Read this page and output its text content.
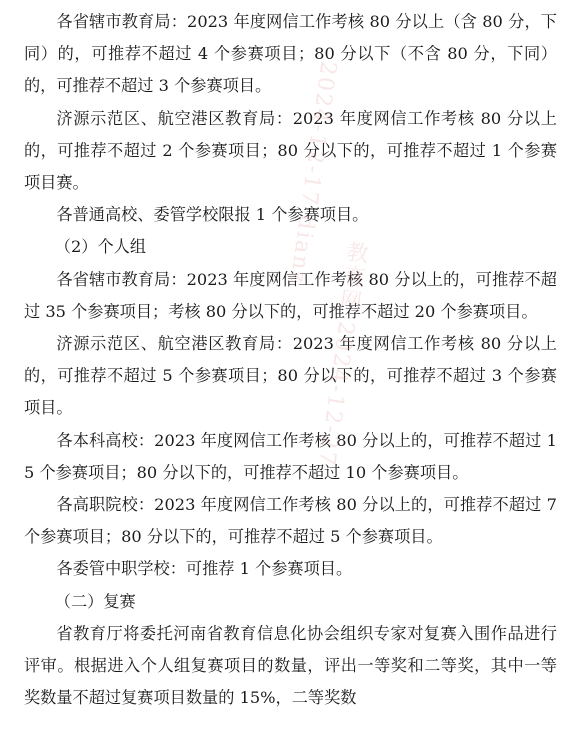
各省辖市教育局：2023 年度网信工作考核 80 分以上（含 80 分，下同）的，可推荐不超过 4 个参赛项目；80 分以下（不含 80 分，下同）的，可推荐不超过 3 个参赛项目。

济源示范区、航空港区教育局：2023 年度网信工作考核 80 分以上的，可推荐不超过 2 个参赛项目；80 分以下的，可推荐不超过 1 个参赛项目赛。

各普通高校、委管学校限报 1 个参赛项目。

（2）个人组

各省辖市教育局：2023 年度网信工作考核 80 分以上的，可推荐不超过 35 个参赛项目；考核 80 分以下的，可推荐不超过 20 个参赛项目。

济源示范区、航空港区教育局：2023 年度网信工作考核 80 分以上的，可推荐不超过 5 个参赛项目；80 分以下的，可推荐不超过 3 个参赛项目。

各本科高校：2023 年度网信工作考核 80 分以上的，可推荐不超过 15 个参赛项目；80 分以下的，可推荐不超过 10 个参赛项目。

各高职院校：2023 年度网信工作考核 80 分以上的，可推荐不超过 7 个参赛项目；80 分以下的，可推荐不超过 5 个参赛项目。

各委管中职学校：可推荐 1 个参赛项目。

（二）复赛

省教育厅将委托河南省教育信息化协会组织专家对复赛入围作品进行评审。根据进入个人组复赛项目的数量，评出一等奖和二等奖，其中一等奖数量不超过复赛项目数量的 15%，二等奖数

2024-12-17 dianz
教育网 2024-12-27
